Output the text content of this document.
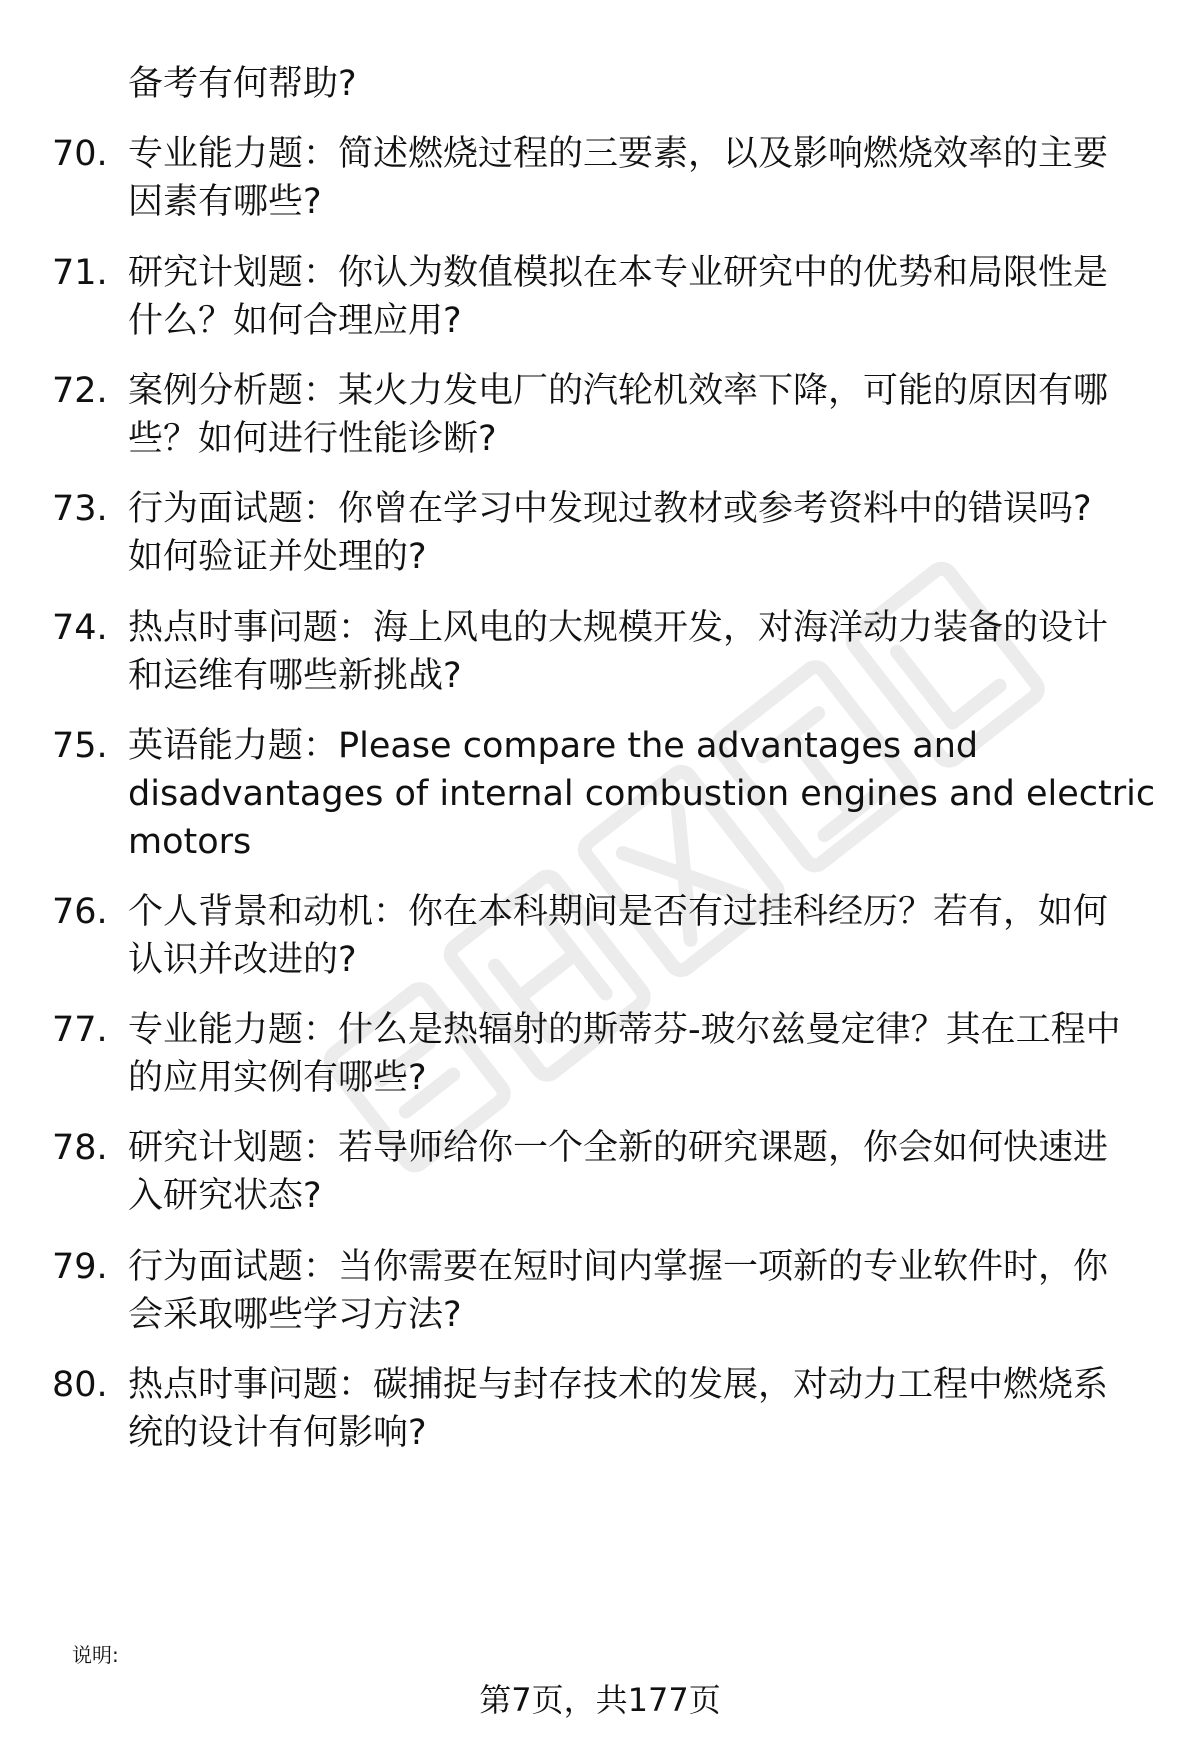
备考有何帮助?
70. 专业能力题：简述燃烧过程的三要素，以及影响燃烧效率的主要
因素有哪些?
71. 研究计划题：你认为数值模拟在本专业研究中的优势和局限性是
什么？如何合理应用?
72. 案例分析题：某火力发电厂的汽轮机效率下降，可能的原因有哪
些？如何进行性能诊断?
73. 行为面试题：你曾在学习中发现过教材或参考资料中的错误吗?
如何验证并处理的?
74. 热点时事问题：海上风电的大规模开发，对海洋动力装备的设计
和运维有哪些新挑战?
75. 英语能力题：Please compare the advantages and
disadvantages of internal combustion engines and electric
motors
76. 个人背景和动机：你在本科期间是否有过挂科经历？若有，如何
认识并改进的?
77. 专业能力题：什么是热辐射的斯蒂芬-玻尔兹曼定律？其在工程中
的应用实例有哪些?
78. 研究计划题：若导师给你一个全新的研究课题，你会如何快速进
入研究状态?
79. 行为面试题：当你需要在短时间内掌握一项新的专业软件时，你
会采取哪些学习方法?
80. 热点时事问题：碳捕捉与封存技术的发展，对动力工程中燃烧系
统的设计有何影响?
说明:
第7页，共177页
